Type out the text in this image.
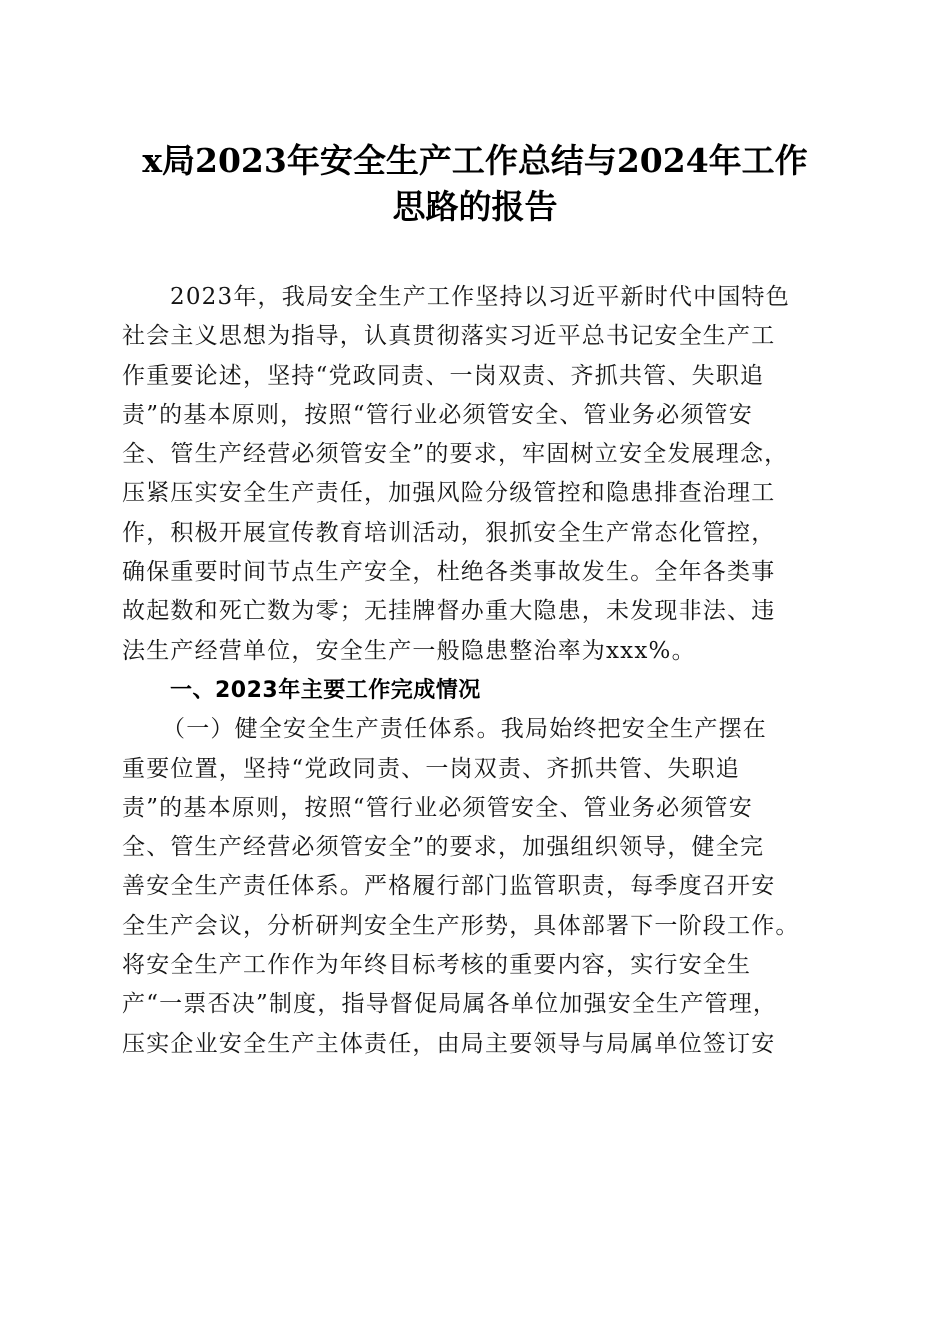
x局2023年安全生产工作总结与2024年工作
思路的报告
2023年，我局安全生产工作坚持以习近平新时代中国特色
社会主义思想为指导，认真贯彻落实习近平总书记安全生产工
作重要论述，坚持“党政同责、一岗双责、齐抓共管、失职追
责”的基本原则，按照“管行业必须管安全、管业务必须管安
全、管生产经营必须管安全”的要求，牢固树立安全发展理念，
压紧压实安全生产责任，加强风险分级管控和隐患排查治理工
作，积极开展宣传教育培训活动，狠抓安全生产常态化管控，
确保重要时间节点生产安全，杜绝各类事故发生。全年各类事
故起数和死亡数为零；无挂牌督办重大隐患，未发现非法、违
法生产经营单位，安全生产一般隐患整治率为xxx%。
一、2023年主要工作完成情况
（一）健全安全生产责任体系。我局始终把安全生产摆在
重要位置，坚持“党政同责、一岗双责、齐抓共管、失职追
责”的基本原则，按照“管行业必须管安全、管业务必须管安
全、管生产经营必须管安全”的要求，加强组织领导，健全完
善安全生产责任体系。严格履行部门监管职责，每季度召开安
全生产会议，分析研判安全生产形势，具体部署下一阶段工作。
将安全生产工作作为年终目标考核的重要内容，实行安全生
产“一票否决”制度，指导督促局属各单位加强安全生产管理，
压实企业安全生产主体责任，由局主要领导与局属单位签订安
